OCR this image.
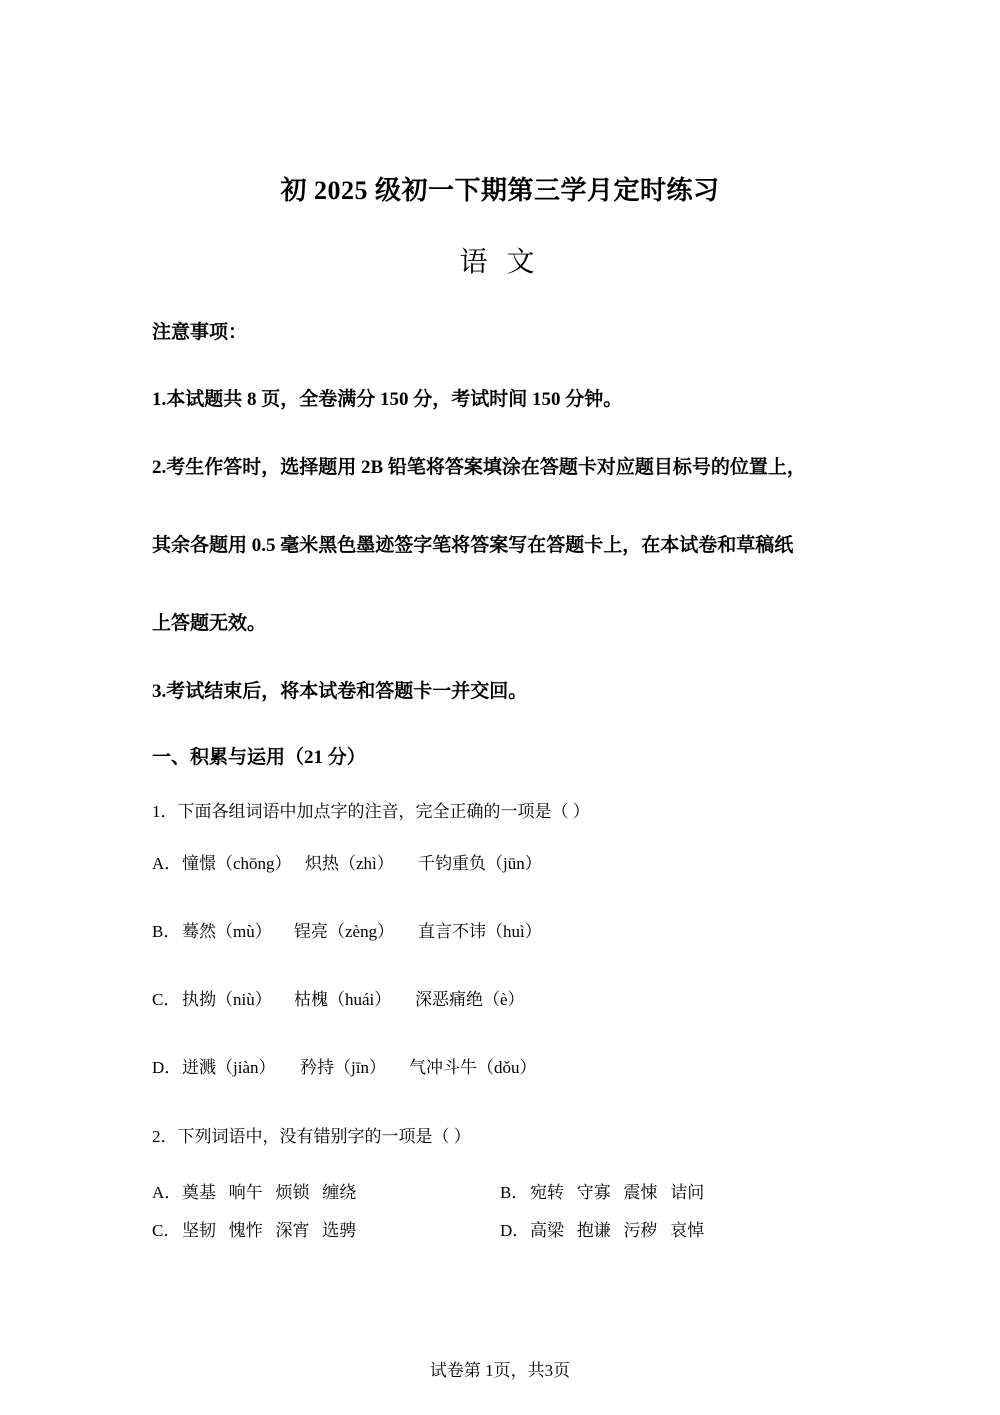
初 2025 级初一下期第三学月定时练习
语 文
注意事项：
1.本试题共 8 页，全卷满分 150 分，考试时间 150 分钟。
2.考生作答时，选择题用 2B 铅笔将答案填涂在答题卡对应题目标号的位置上，
其余各题用 0.5 毫米黑色墨迹签字笔将答案写在答题卡上，在本试卷和草稿纸
上答题无效。
3.考试结束后，将本试卷和答题卡一并交回。
一、积累与运用（21 分）
1．下面各组词语中加点字的注音，完全正确的一项是（ ）
A． 憧憬（chōng） 炽热（zhì） 千钧重负（jūn）
B． 蓦然（mù） 锃亮（zèng） 直言不讳（huì）
C． 执拗（niù） 枯槐（huái） 深恶痛绝（è）
D． 迸溅（jiàn） 矜持（jīn） 气冲斗牛（dǒu）
2．下列词语中，没有错别字的一项是（ ）
A． 奠基   响午   烦锁   缠绕	B． 宛转   守寡   震悚   诘问
C． 坚韧   愧怍   深宵   选骋	D． 高梁   抱谦   污秽   哀悼
试卷第 1页，共3页
